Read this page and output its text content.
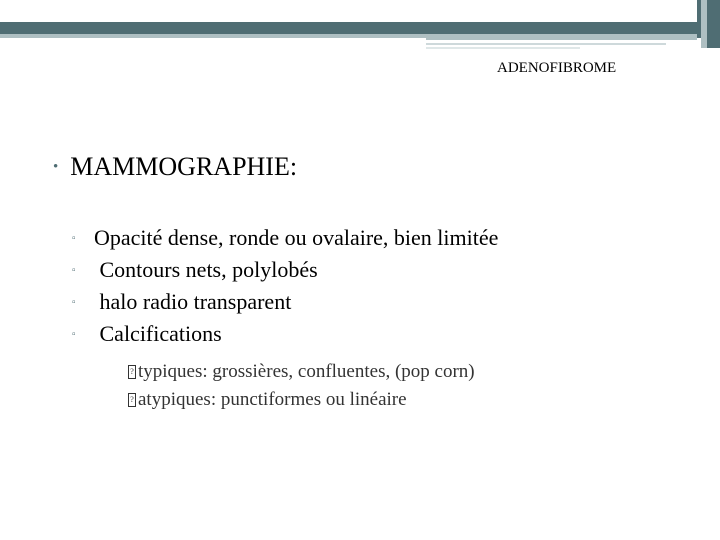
ADENOFIBROME
• MAMMOGRAPHIE:
▫ Opacité dense, ronde ou ovalaire, bien limitée
▫ Contours nets, polylobés
▫ halo radio transparent
▫ Calcifications
? typiques: grossières, confluentes, (pop corn)
? atypiques: punctiformes ou linéaire
